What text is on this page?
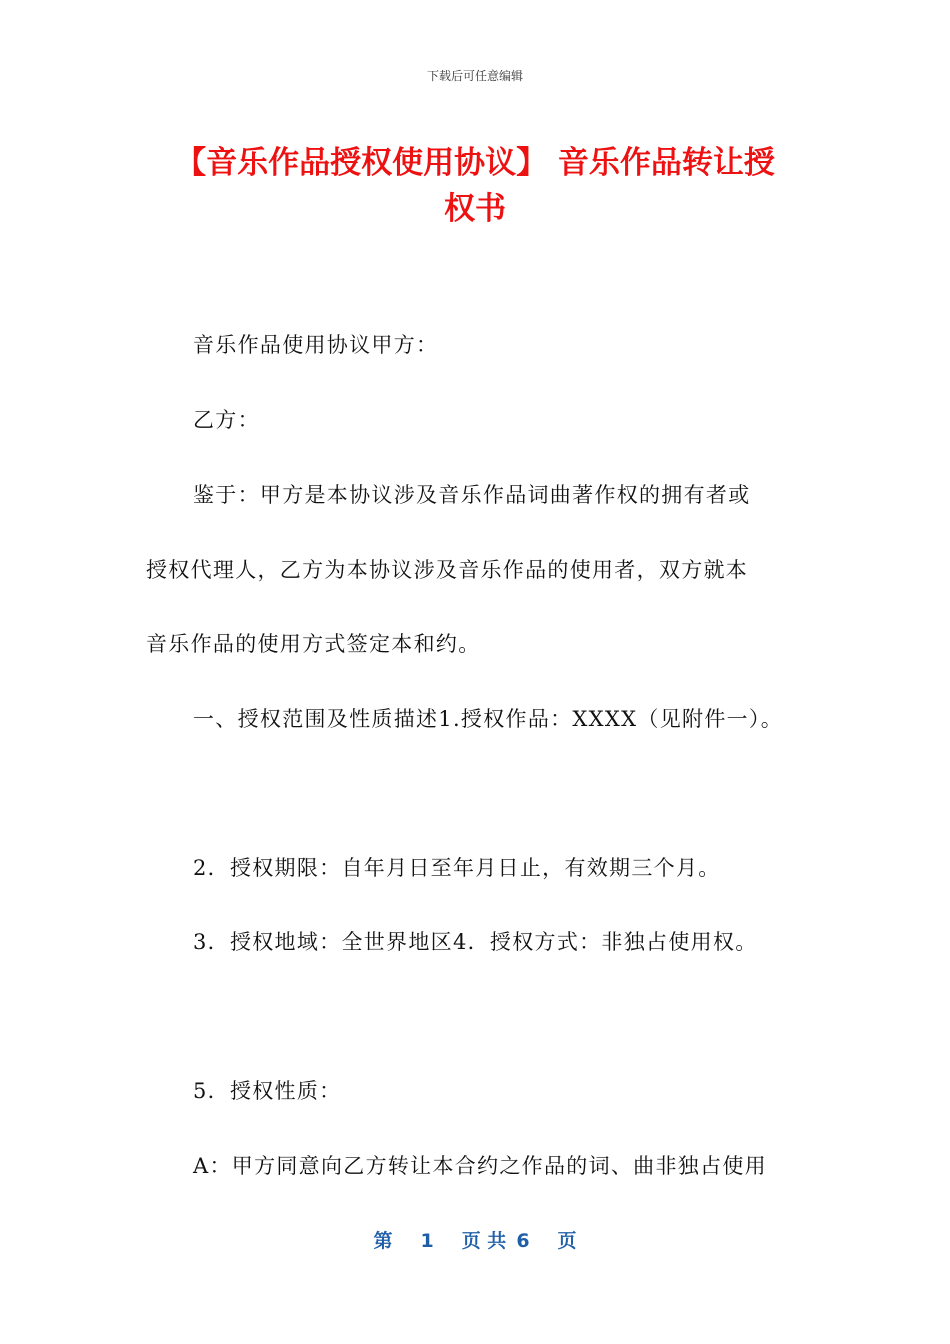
下载后可任意编辑
【音乐作品授权使用协议】 音乐作品转让授
权书

音乐作品使用协议甲方：

乙方：

鉴于：甲方是本协议涉及音乐作品词曲著作权的拥有者或

授权代理人，乙方为本协议涉及音乐作品的使用者，双方就本

音乐作品的使用方式签定本和约。

一、授权范围及性质描述1.授权作品：XXXX（见附件一）。

2．授权期限：自年月日至年月日止，有效期三个月。

3．授权地域：全世界地区4．授权方式：非独占使用权。

5．授权性质：

A：甲方同意向乙方转让本合约之作品的词、曲非独占使用

第 1 页 共 6 页
